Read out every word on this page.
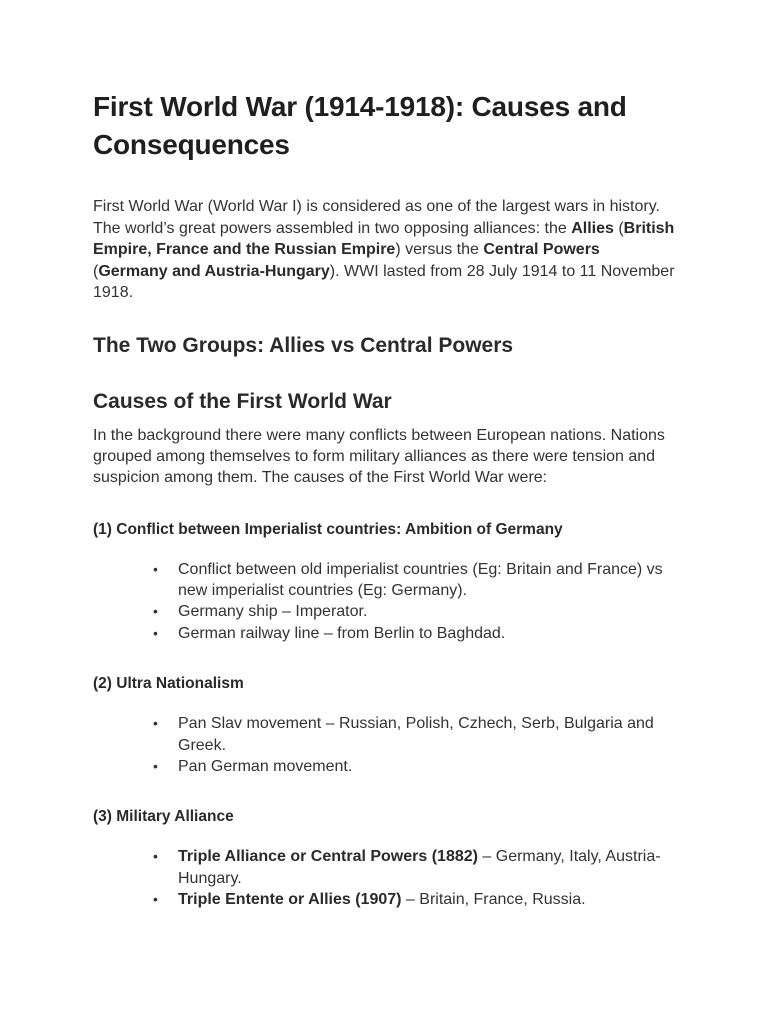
First World War (1914-1918): Causes and Consequences

First World War (World War I) is considered as one of the largest wars in history. The world’s great powers assembled in two opposing alliances: the Allies (British Empire, France and the Russian Empire) versus the Central Powers (Germany and Austria-Hungary). WWI lasted from 28 July 1914 to 11 November 1918.

The Two Groups: Allies vs Central Powers
Causes of the First World War

In the background there were many conflicts between European nations. Nations grouped among themselves to form military alliances as there were tension and suspicion among them. The causes of the First World War were:

(1) Conflict between Imperialist countries: Ambition of Germany
• Conflict between old imperialist countries (Eg: Britain and France) vs new imperialist countries (Eg: Germany).
• Germany ship – Imperator.
• German railway line – from Berlin to Baghdad.
(2) Ultra Nationalism
• Pan Slav movement – Russian, Polish, Czhech, Serb, Bulgaria and Greek.
• Pan German movement.
(3) Military Alliance
• Triple Alliance or Central Powers (1882) – Germany, Italy, Austria-Hungary.
• Triple Entente or Allies (1907) – Britain, France, Russia.
